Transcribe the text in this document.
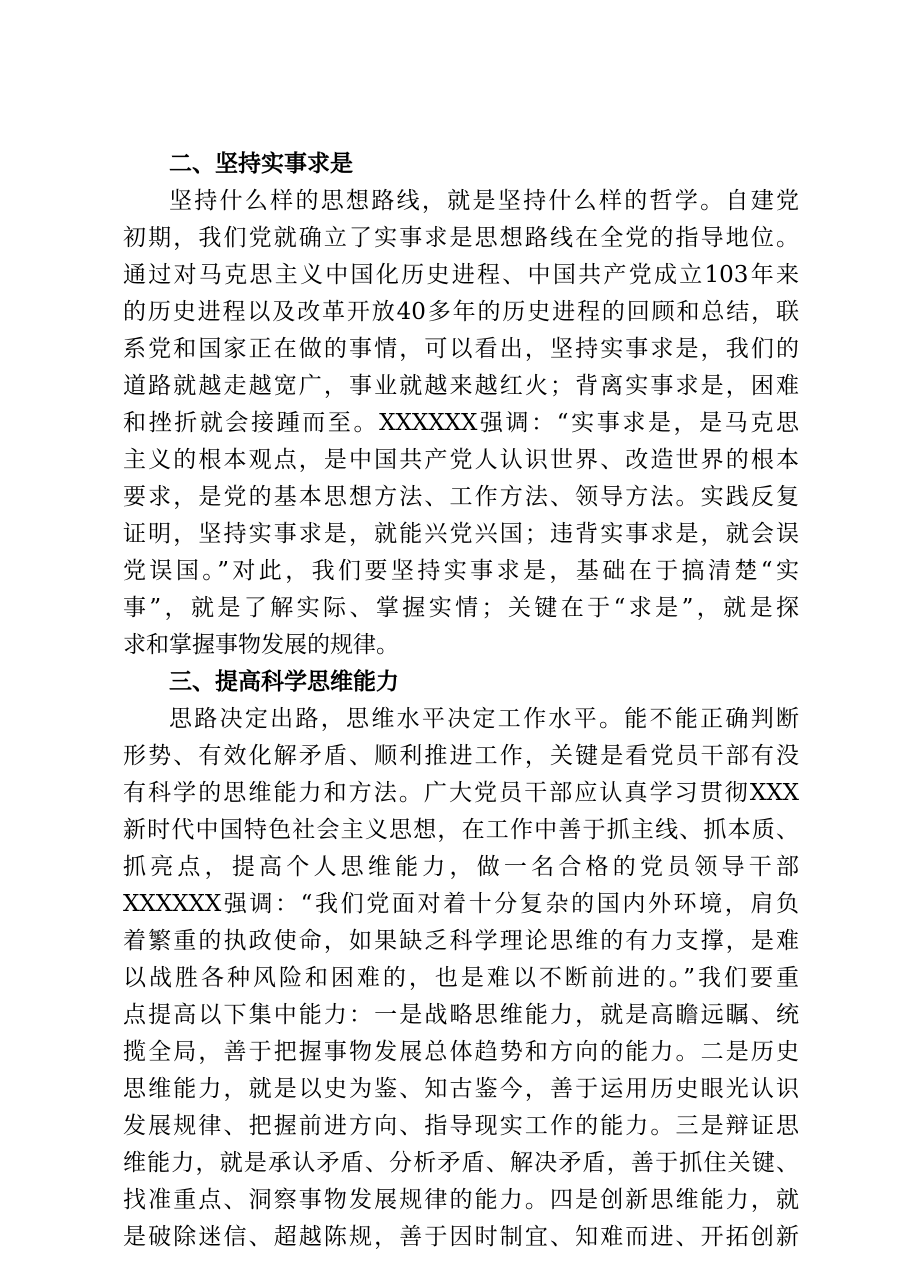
二、坚持实事求是
坚持什么样的思想路线，就是坚持什么样的哲学。自建党
初期，我们党就确立了实事求是思想路线在全党的指导地位。
通过对马克思主义中国化历史进程、中国共产党成立103年来
的历史进程以及改革开放40多年的历史进程的回顾和总结，联
系党和国家正在做的事情，可以看出，坚持实事求是，我们的
道路就越走越宽广，事业就越来越红火；背离实事求是，困难
和挫折就会接踵而至。XXXXXX强调：“实事求是，是马克思
主义的根本观点，是中国共产党人认识世界、改造世界的根本
要求，是党的基本思想方法、工作方法、领导方法。实践反复
证明，坚持实事求是，就能兴党兴国；违背实事求是，就会误
党误国。”对此，我们要坚持实事求是，基础在于搞清楚“实
事”，就是了解实际、掌握实情；关键在于“求是”，就是探
求和掌握事物发展的规律。
三、提高科学思维能力
思路决定出路，思维水平决定工作水平。能不能正确判断
形势、有效化解矛盾、顺利推进工作，关键是看党员干部有没
有科学的思维能力和方法。广大党员干部应认真学习贯彻XXX
新时代中国特色社会主义思想，在工作中善于抓主线、抓本质、
抓亮点，提高个人思维能力，做一名合格的党员领导干部
XXXXXX强调：“我们党面对着十分复杂的国内外环境，肩负
着繁重的执政使命，如果缺乏科学理论思维的有力支撑，是难
以战胜各种风险和困难的，也是难以不断前进的。”我们要重
点提高以下集中能力：一是战略思维能力，就是高瞻远瞩、统
揽全局，善于把握事物发展总体趋势和方向的能力。二是历史
思维能力，就是以史为鉴、知古鉴今，善于运用历史眼光认识
发展规律、把握前进方向、指导现实工作的能力。三是辩证思
维能力，就是承认矛盾、分析矛盾、解决矛盾，善于抓住关键、
找准重点、洞察事物发展规律的能力。四是创新思维能力，就
是破除迷信、超越陈规，善于因时制宜、知难而进、开拓创新
